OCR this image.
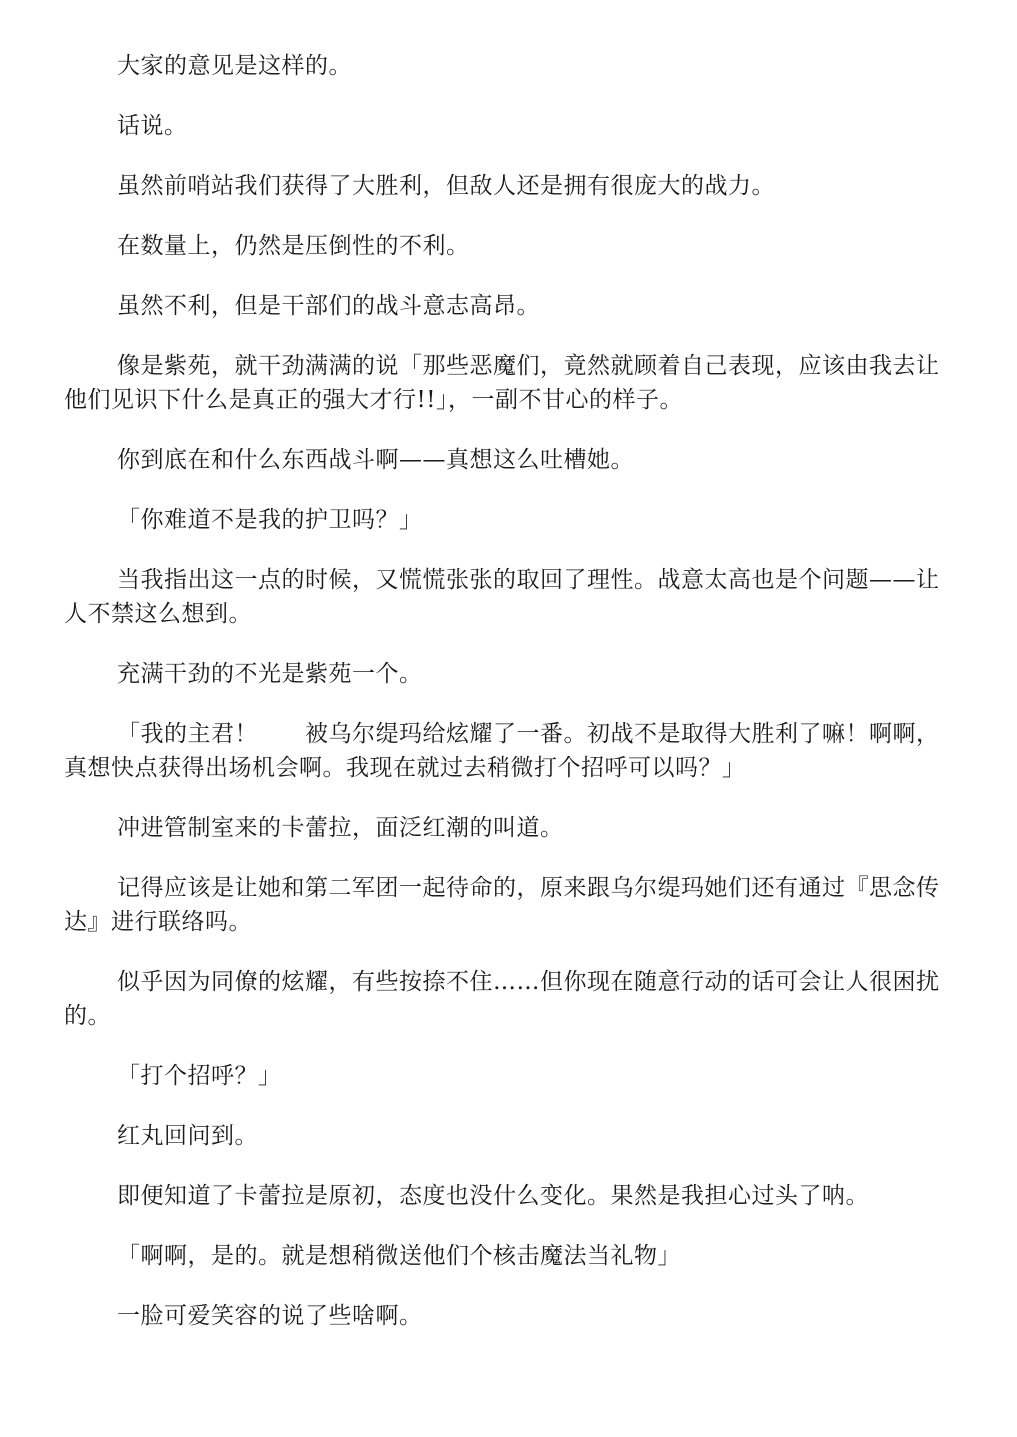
大家的意见是这样的。

话说。

虽然前哨站我们获得了大胜利，但敌人还是拥有很庞大的战力。

在数量上，仍然是压倒性的不利。

虽然不利，但是干部们的战斗意志高昂。

像是紫苑，就干劲满满的说「那些恶魔们，竟然就顾着自己表现，应该由我去让他们见识下什么是真正的强大才行!!」，一副不甘心的样子。

你到底在和什么东西战斗啊——真想这么吐槽她。

「你难道不是我的护卫吗？」

当我指出这一点的时候，又慌慌张张的取回了理性。战意太高也是个问题——让人不禁这么想到。

充满干劲的不光是紫苑一个。

「我的主君！　　被乌尔缇玛给炫耀了一番。初战不是取得大胜利了嘛！啊啊，真想快点获得出场机会啊。我现在就过去稍微打个招呼可以吗？」

冲进管制室来的卡蕾拉，面泛红潮的叫道。

记得应该是让她和第二军团一起待命的，原来跟乌尔缇玛她们还有通过『思念传达』进行联络吗。

似乎因为同僚的炫耀，有些按捺不住……但你现在随意行动的话可会让人很困扰的。

「打个招呼？」

红丸回问到。

即便知道了卡蕾拉是原初，态度也没什么变化。果然是我担心过头了呐。

「啊啊，是的。就是想稍微送他们个核击魔法当礼物」

一脸可爱笑容的说了些啥啊。
